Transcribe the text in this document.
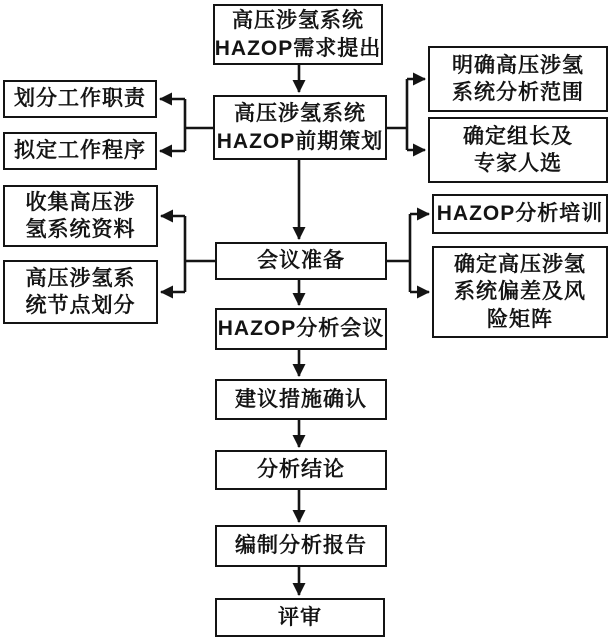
高压涉氢系统
HAZOP需求提出
高压涉氢系统
HAZOP前期策划
划分工作职责
拟定工作程序
明确高压涉氢
系统分析范围
确定组长及
专家人选
收集高压涉
氢系统资料
高压涉氢系
统节点划分
会议准备
HAZOP分析培训
确定高压涉氢
系统偏差及风
险矩阵
HAZOP分析会议
建议措施确认
分析结论
编制分析报告
评审
